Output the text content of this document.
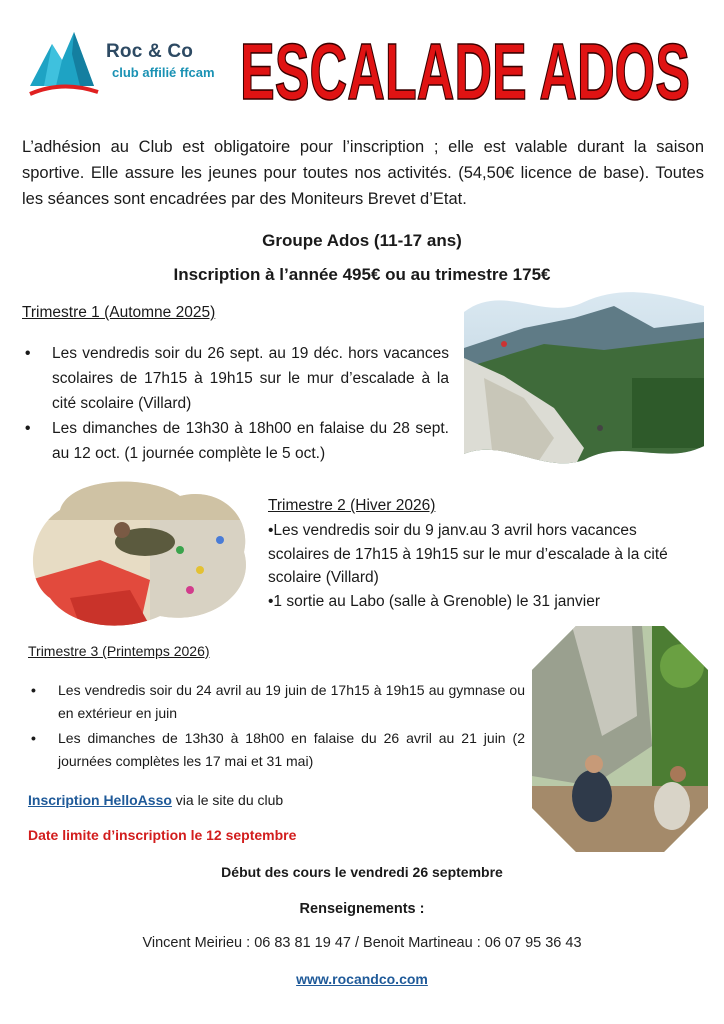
Roc & Co
club affilié ffcam ESCALADE ADOS
L’adhésion au Club est obligatoire pour l’inscription ; elle est valable durant la saison sportive. Elle assure les jeunes pour toutes nos activités. (54,50€ licence de base). Toutes les séances sont encadrées par des Moniteurs Brevet d’Etat.
Groupe Ados (11-17 ans)
Inscription à l’année 495€ ou au trimestre 175€
Trimestre 1 (Automne 2025)
• Les vendredis soir du 26 sept. au 19 déc. hors vacances scolaires de 17h15 à 19h15 sur le mur d’escalade à la cité scolaire (Villard)
• Les dimanches de 13h30 à 18h00 en falaise du 28 sept. au 12 oct. (1 journée complète le 5 oct.)
Trimestre 2 (Hiver 2026)
•Les vendredis soir du 9 janv.au 3 avril hors vacances scolaires de 17h15 à 19h15 sur le mur d’escalade à la cité scolaire (Villard)
•1 sortie au Labo (salle à Grenoble) le 31 janvier
Trimestre 3 (Printemps 2026)
• Les vendredis soir du 24 avril au 19 juin de 17h15 à 19h15 au gymnase ou en extérieur en juin
• Les dimanches de 13h30 à 18h00 en falaise du 26 avril au 21 juin (2 journées complètes les 17 mai et 31 mai)
Inscription HelloAsso via le site du club
Date limite d’inscription le 12 septembre
Début des cours le vendredi 26 septembre
Renseignements :
Vincent Meirieu : 06 83 81 19 47 / Benoit Martineau : 06 07 95 36 43
www.rocandco.com
